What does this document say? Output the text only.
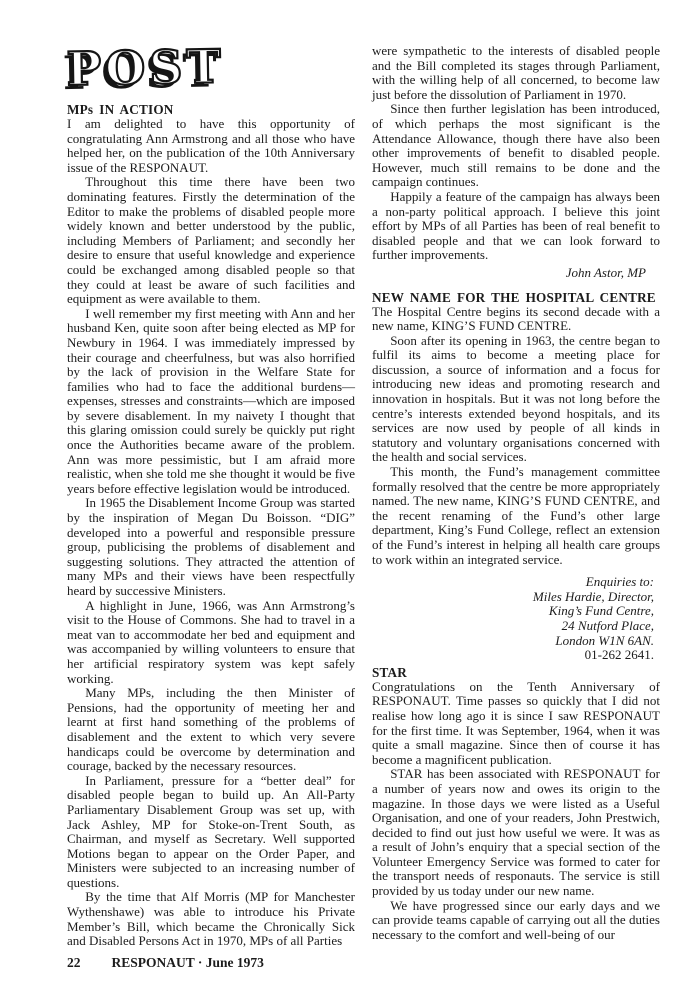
POST
MPs IN ACTION

I am delighted to have this opportunity of congratulating Ann Armstrong and all those who have helped her, on the publication of the 10th Anniversary issue of the RESPONAUT.

Throughout this time there have been two dominating features. Firstly the determination of the Editor to make the problems of disabled people more widely known and better understood by the public, including Members of Parliament; and secondly her desire to ensure that useful knowledge and experience could be exchanged among disabled people so that they could at least be aware of such facilities and equipment as were available to them.

I well remember my first meeting with Ann and her husband Ken, quite soon after being elected as MP for Newbury in 1964. I was immediately impressed by their courage and cheerfulness, but was also horrified by the lack of provision in the Welfare State for families who had to face the additional burdens—expenses, stresses and constraints—which are imposed by severe disablement. In my naivety I thought that this glaring omission could surely be quickly put right once the Authorities became aware of the problem. Ann was more pessimistic, but I am afraid more realistic, when she told me she thought it would be five years before effective legislation would be introduced.

In 1965 the Disablement Income Group was started by the inspiration of Megan Du Boisson. “DIG” developed into a powerful and responsible pressure group, publicising the problems of disablement and suggesting solutions. They attracted the attention of many MPs and their views have been respectfully heard by successive Ministers.

A highlight in June, 1966, was Ann Armstrong’s visit to the House of Commons. She had to travel in a meat van to accommodate her bed and equipment and was accompanied by willing volunteers to ensure that her artificial respiratory system was kept safely working.

Many MPs, including the then Minister of Pensions, had the opportunity of meeting her and learnt at first hand something of the problems of disablement and the extent to which very severe handicaps could be overcome by determination and courage, backed by the necessary resources.

In Parliament, pressure for a “better deal” for disabled people began to build up. An All-Party Parliamentary Disablement Group was set up, with Jack Ashley, MP for Stoke-on-Trent South, as Chairman, and myself as Secretary. Well supported Motions began to appear on the Order Paper, and Ministers were subjected to an increasing number of questions.

By the time that Alf Morris (MP for Manchester Wythenshawe) was able to introduce his Private Member’s Bill, which became the Chronically Sick and Disabled Persons Act in 1970, MPs of all Parties

were sympathetic to the interests of disabled people and the Bill completed its stages through Parliament, with the willing help of all concerned, to become law just before the dissolution of Parliament in 1970.

Since then further legislation has been introduced, of which perhaps the most significant is the Attendance Allowance, though there have also been other improvements of benefit to disabled people. However, much still remains to be done and the campaign continues.

Happily a feature of the campaign has always been a non-party political approach. I believe this joint effort by MPs of all Parties has been of real benefit to disabled people and that we can look forward to further improvements.

John Astor, MP

NEW NAME FOR THE HOSPITAL CENTRE

The Hospital Centre begins its second decade with a new name, KING’S FUND CENTRE.

Soon after its opening in 1963, the centre began to fulfil its aims to become a meeting place for discussion, a source of information and a focus for introducing new ideas and promoting research and innovation in hospitals. But it was not long before the centre’s interests extended beyond hospitals, and its services are now used by people of all kinds in statutory and voluntary organisations concerned with the health and social services.

This month, the Fund’s management committee formally resolved that the centre be more appropriately named. The new name, KING’S FUND CENTRE, and the recent renaming of the Fund’s other large department, King’s Fund College, reflect an extension of the Fund’s interest in helping all health care groups to work within an integrated service.

Enquiries to:

Miles Hardie, Director,

King’s Fund Centre,

24 Nutford Place,

London W1N 6AN.

01-262 2641.

STAR

Congratulations on the Tenth Anniversary of RESPONAUT. Time passes so quickly that I did not realise how long ago it is since I saw RESPONAUT for the first time. It was September, 1964, when it was quite a small magazine. Since then of course it has become a magnificent publication.

STAR has been associated with RESPONAUT for a number of years now and owes its origin to the magazine. In those days we were listed as a Useful Organisation, and one of your readers, John Prestwich, decided to find out just how useful we were. It was as a result of John’s enquiry that a special section of the Volunteer Emergency Service was formed to cater for the transport needs of responauts. The service is still provided by us today under our new name.

We have progressed since our early days and we can provide teams capable of carrying out all the duties necessary to the comfort and well-being of our

22 RESPONAUT · June 1973
